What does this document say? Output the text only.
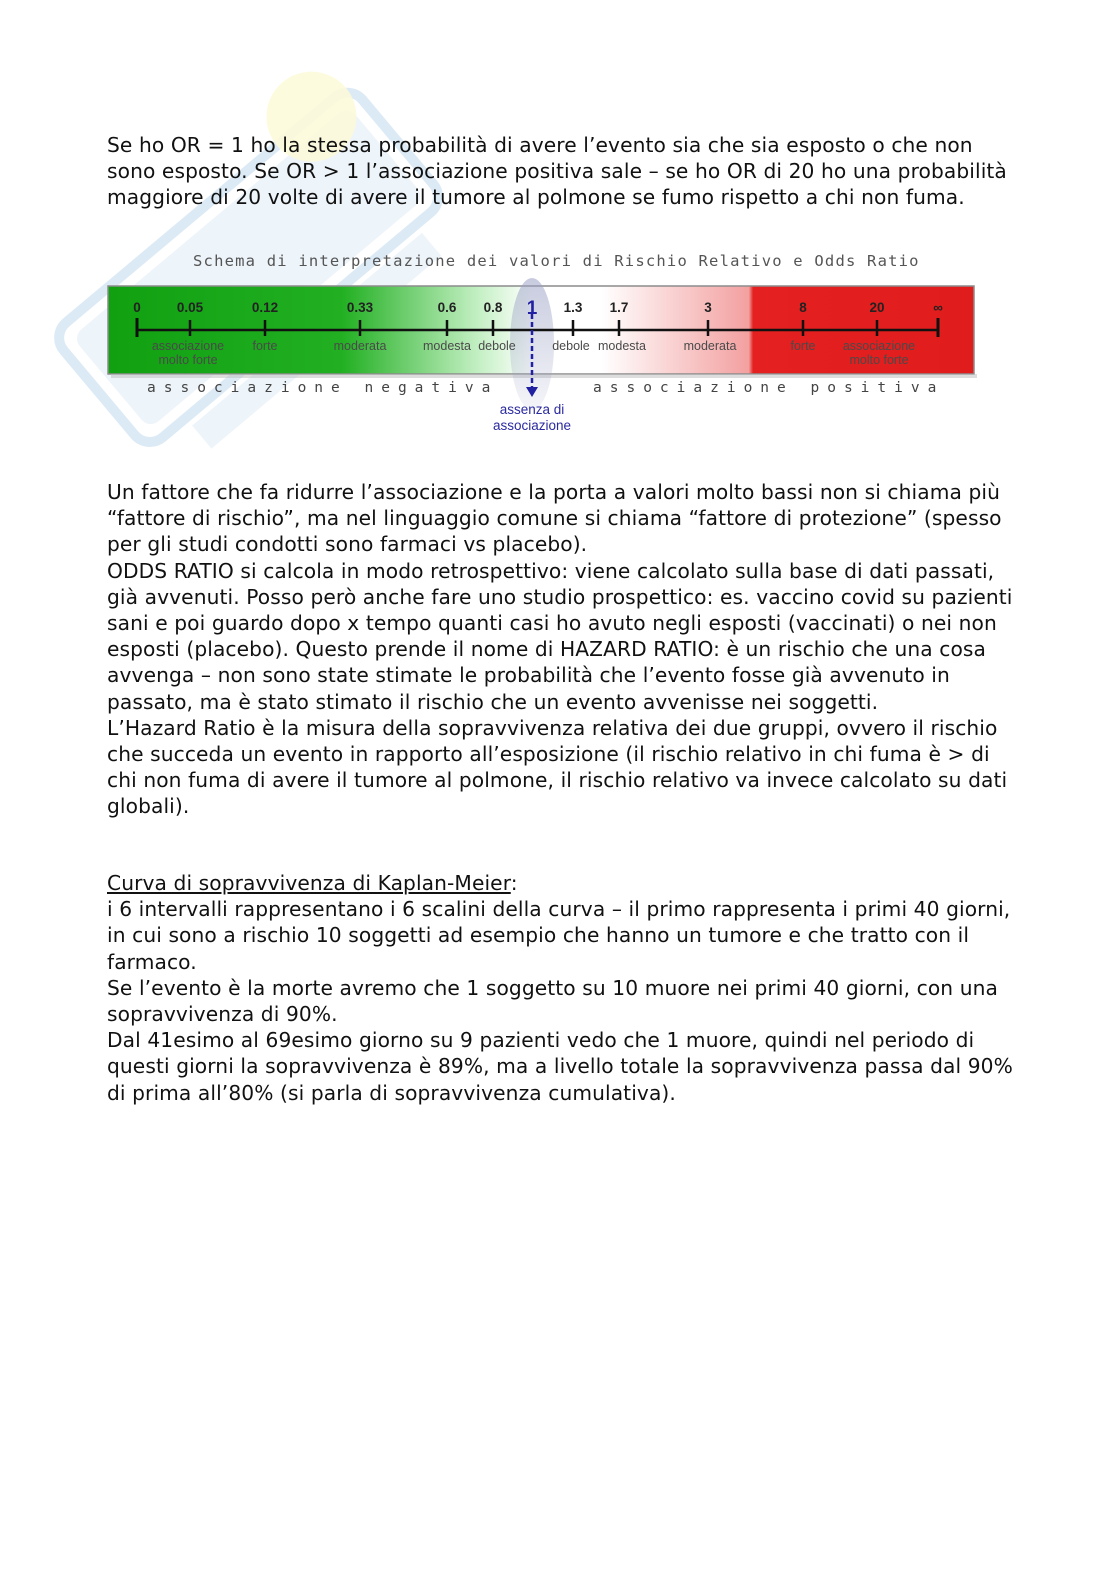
Se ho OR = 1 ho la stessa probabilità di avere l’evento sia che sia esposto o che non sono esposto. Se OR > 1 l’associazione positiva sale – se ho OR di 20 ho una probabilità maggiore di 20 volte di avere il tumore al polmone se fumo rispetto a chi non fuma.

Schema di interpretazione dei valori di Rischio Relativo e Odds Ratio
0	0.05	0.12	0.33	0.6 0.8 1 1.3 1.7	3	8	20	∞
associazione
molto forte
forte	moderata	modesta debole	debole modesta	moderata	forte associazione
molto forte
associazione negativa	associazione positiva
assenza di
associazione

Un fattore che fa ridurre l’associazione e la porta a valori molto bassi non si chiama più “fattore di rischio”, ma nel linguaggio comune si chiama “fattore di protezione” (spesso per gli studi condotti sono farmaci vs placebo).

ODDS RATIO si calcola in modo retrospettivo: viene calcolato sulla base di dati passati, già avvenuti. Posso però anche fare uno studio prospettico: es. vaccino covid su pazienti sani e poi guardo dopo x tempo quanti casi ho avuto negli esposti (vaccinati) o nei non esposti (placebo). Questo prende il nome di HAZARD RATIO: è un rischio che una cosa avvenga – non sono state stimate le probabilità che l’evento fosse già avvenuto in passato, ma è stato stimato il rischio che un evento avvenisse nei soggetti.

L’Hazard Ratio è la misura della sopravvivenza relativa dei due gruppi, ovvero il rischio che succeda un evento in rapporto all’esposizione (il rischio relativo in chi fuma è > di chi non fuma di avere il tumore al polmone, il rischio relativo va invece calcolato su dati globali).

Curva di sopravvivenza di Kaplan-Meier:

i 6 intervalli rappresentano i 6 scalini della curva – il primo rappresenta i primi 40 giorni, in cui sono a rischio 10 soggetti ad esempio che hanno un tumore e che tratto con il farmaco.

Se l’evento è la morte avremo che 1 soggetto su 10 muore nei primi 40 giorni, con una sopravvivenza di 90%.

Dal 41esimo al 69esimo giorno su 9 pazienti vedo che 1 muore, quindi nel periodo di questi giorni la sopravvivenza è 89%, ma a livello totale la sopravvivenza passa dal 90% di prima all’80% (si parla di sopravvivenza cumulativa).
